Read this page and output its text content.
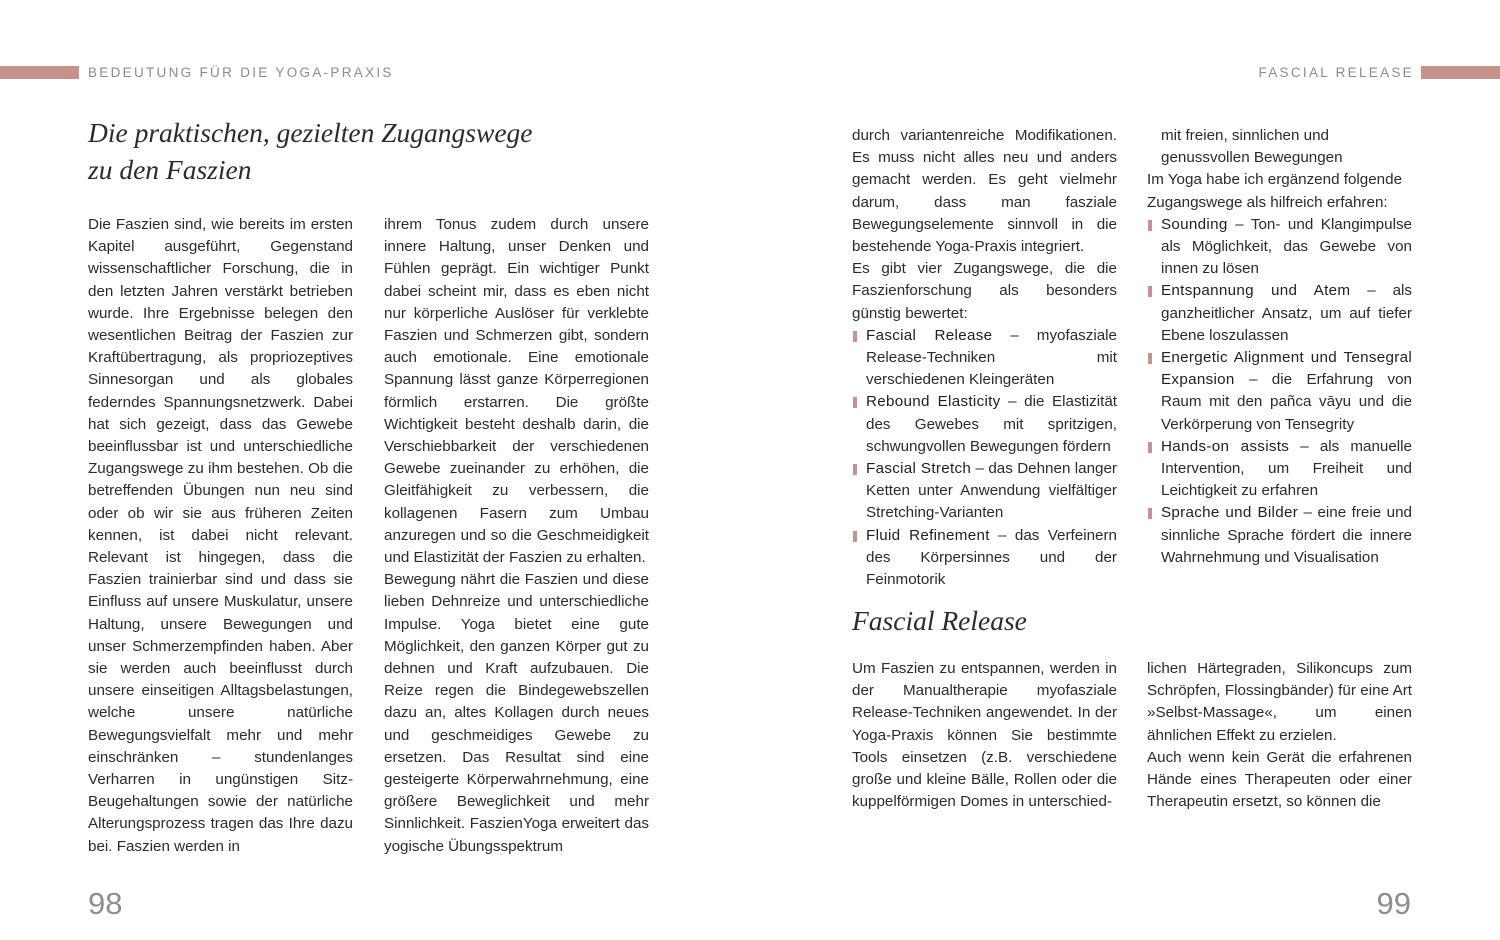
BEDEUTUNG FÜR DIE YOGA-PRAXIS
Die praktischen, gezielten Zugangswege
zu den Faszien

Die Faszien sind, wie bereits im ersten Kapitel ausgeführt, Gegenstand wissenschaftlicher Forschung, die in den letzten Jahren verstärkt betrieben wurde. Ihre Ergebnisse belegen den wesentlichen Beitrag der Faszien zur Kraftübertragung, als propriozeptives Sinnesorgan und als globales federndes Spannungsnetzwerk. Dabei hat sich gezeigt, dass das Gewebe beeinflussbar ist und unterschiedliche Zugangswege zu ihm bestehen. Ob die betreffenden Übungen nun neu sind oder ob wir sie aus früheren Zeiten kennen, ist dabei nicht relevant. Relevant ist hingegen, dass die Faszien trainierbar sind und dass sie Einfluss auf unsere Muskulatur, unsere Haltung, unsere Bewegungen und unser Schmerzempfinden haben. Aber sie werden auch beeinflusst durch unsere einseitigen Alltagsbelastungen, welche unsere natürliche Bewegungsvielfalt mehr und mehr einschränken – stundenlanges Verharren in ungünstigen Sitz-Beugehaltungen sowie der natürliche Alterungsprozess tragen das Ihre dazu bei. Faszien werden in

ihrem Tonus zudem durch unsere innere Haltung, unser Denken und Fühlen geprägt. Ein wichtiger Punkt dabei scheint mir, dass es eben nicht nur körperliche Auslöser für verklebte Faszien und Schmerzen gibt, sondern auch emotionale. Eine emotionale Spannung lässt ganze Körperregionen förmlich erstarren. Die größte Wichtigkeit besteht deshalb darin, die Verschiebbarkeit der verschiedenen Gewebe zueinander zu erhöhen, die Gleitfähigkeit zu verbessern, die kollagenen Fasern zum Umbau anzuregen und so die Geschmeidigkeit und Elastizität der Faszien zu erhalten.

Bewegung nährt die Faszien und diese lieben Dehnreize und unterschiedliche Impulse. Yoga bietet eine gute Möglichkeit, den ganzen Körper gut zu dehnen und Kraft aufzubauen. Die Reize regen die Bindegewebszellen dazu an, altes Kollagen durch neues und geschmeidiges Gewebe zu ersetzen. Das Resultat sind eine gesteigerte Körperwahrnehmung, eine größere Beweglichkeit und mehr Sinnlichkeit. FaszienYoga erweitert das yogische Übungsspektrum

98
FASCIAL RELEASE

durch variantenreiche Modifikationen. Es muss nicht alles neu und anders gemacht werden. Es geht vielmehr darum, dass man fasziale Bewegungselemente sinnvoll in die bestehende Yoga-Praxis integriert.

Es gibt vier Zugangswege, die die Faszienforschung als besonders günstig bewertet:

Fascial Release – myofasziale Release-Techniken mit verschiedenen Kleingeräten
Rebound Elasticity – die Elastizität des Gewebes mit spritzigen, schwungvollen Bewegungen fördern
Fascial Stretch – das Dehnen langer Ketten unter Anwendung vielfältiger Stretching-Varianten
Fluid Refinement – das Verfeinern des Körpersinnes und der Feinmotorik

mit freien, sinnlichen und genussvollen Bewegungen

Im Yoga habe ich ergänzend folgende Zugangswege als hilfreich erfahren:

Sounding – Ton- und Klangimpulse als Möglichkeit, das Gewebe von innen zu lösen
Entspannung und Atem – als ganzheitlicher Ansatz, um auf tiefer Ebene loszulassen
Energetic Alignment und Tensegral Expansion – die Erfahrung von Raum mit den pañca vāyu und die Verkörperung von Tensegrity
Hands-on assists – als manuelle Intervention, um Freiheit und Leichtigkeit zu erfahren
Sprache und Bilder – eine freie und sinnliche Sprache fördert die innere Wahrnehmung und Visualisation
Fascial Release

Um Faszien zu entspannen, werden in der Manualtherapie myofasziale Release-Techniken angewendet. In der Yoga-Praxis können Sie bestimmte Tools einsetzen (z.B. verschiedene große und kleine Bälle, Rollen oder die kuppelförmigen Domes in unterschied-

lichen Härtegraden, Silikoncups zum Schröpfen, Flossingbänder) für eine Art »Selbst-Massage«, um einen ähnlichen Effekt zu erzielen.

Auch wenn kein Gerät die erfahrenen Hände eines Therapeuten oder einer Therapeutin ersetzt, so können die

99
